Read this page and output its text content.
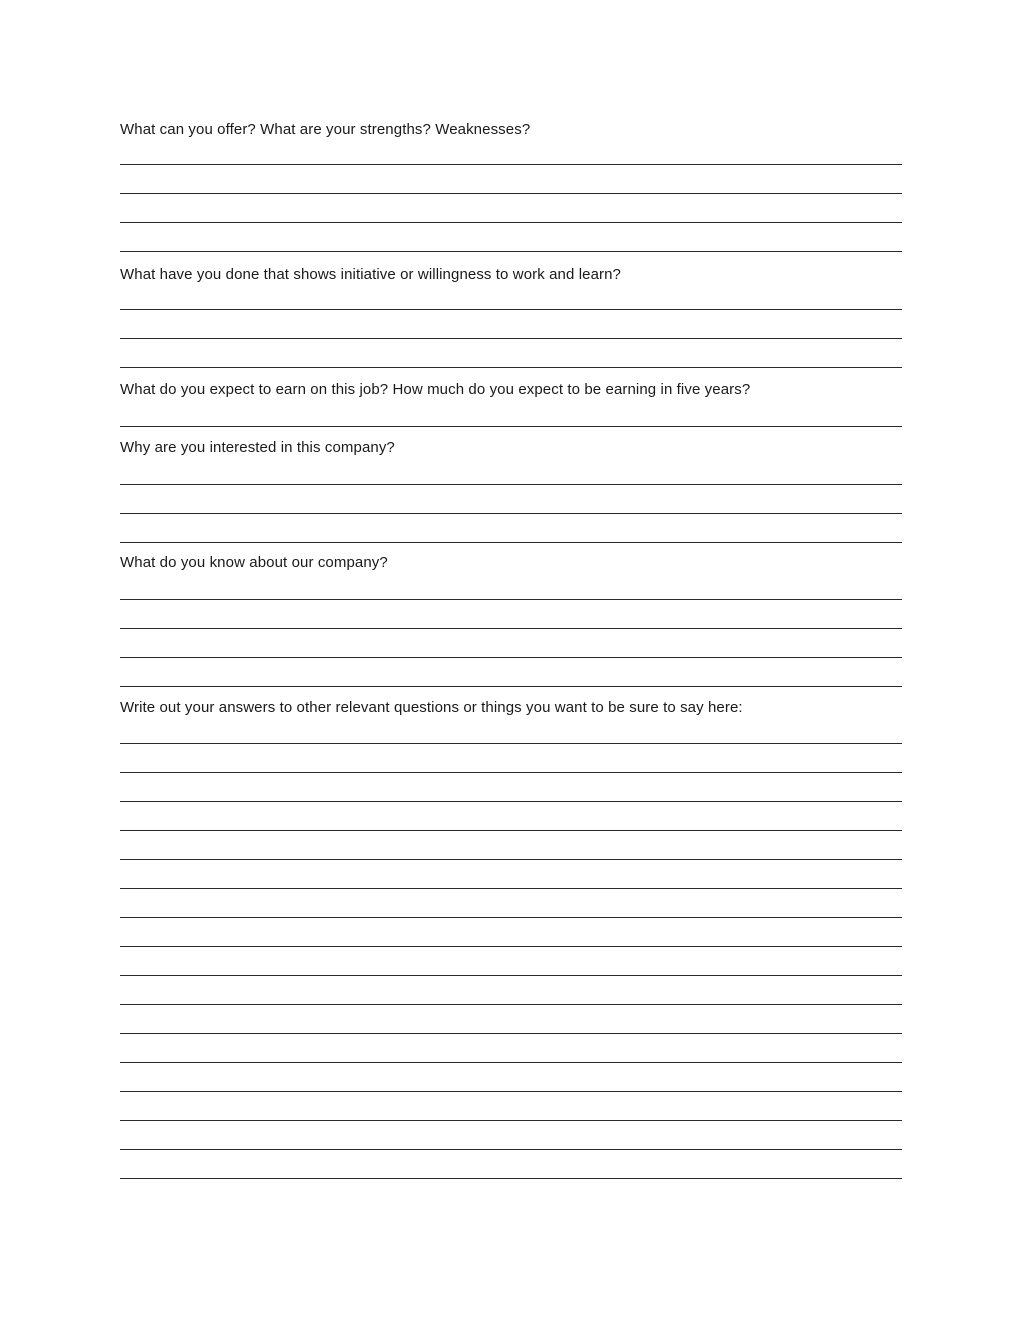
What can you offer? What are your strengths? Weaknesses?
What have you done that shows initiative or willingness to work and learn?
What do you expect to earn on this job? How much do you expect to be earning in five years?
Why are you interested in this company?
What do you know about our company?
Write out your answers to other relevant questions or things you want to be sure to say here:
